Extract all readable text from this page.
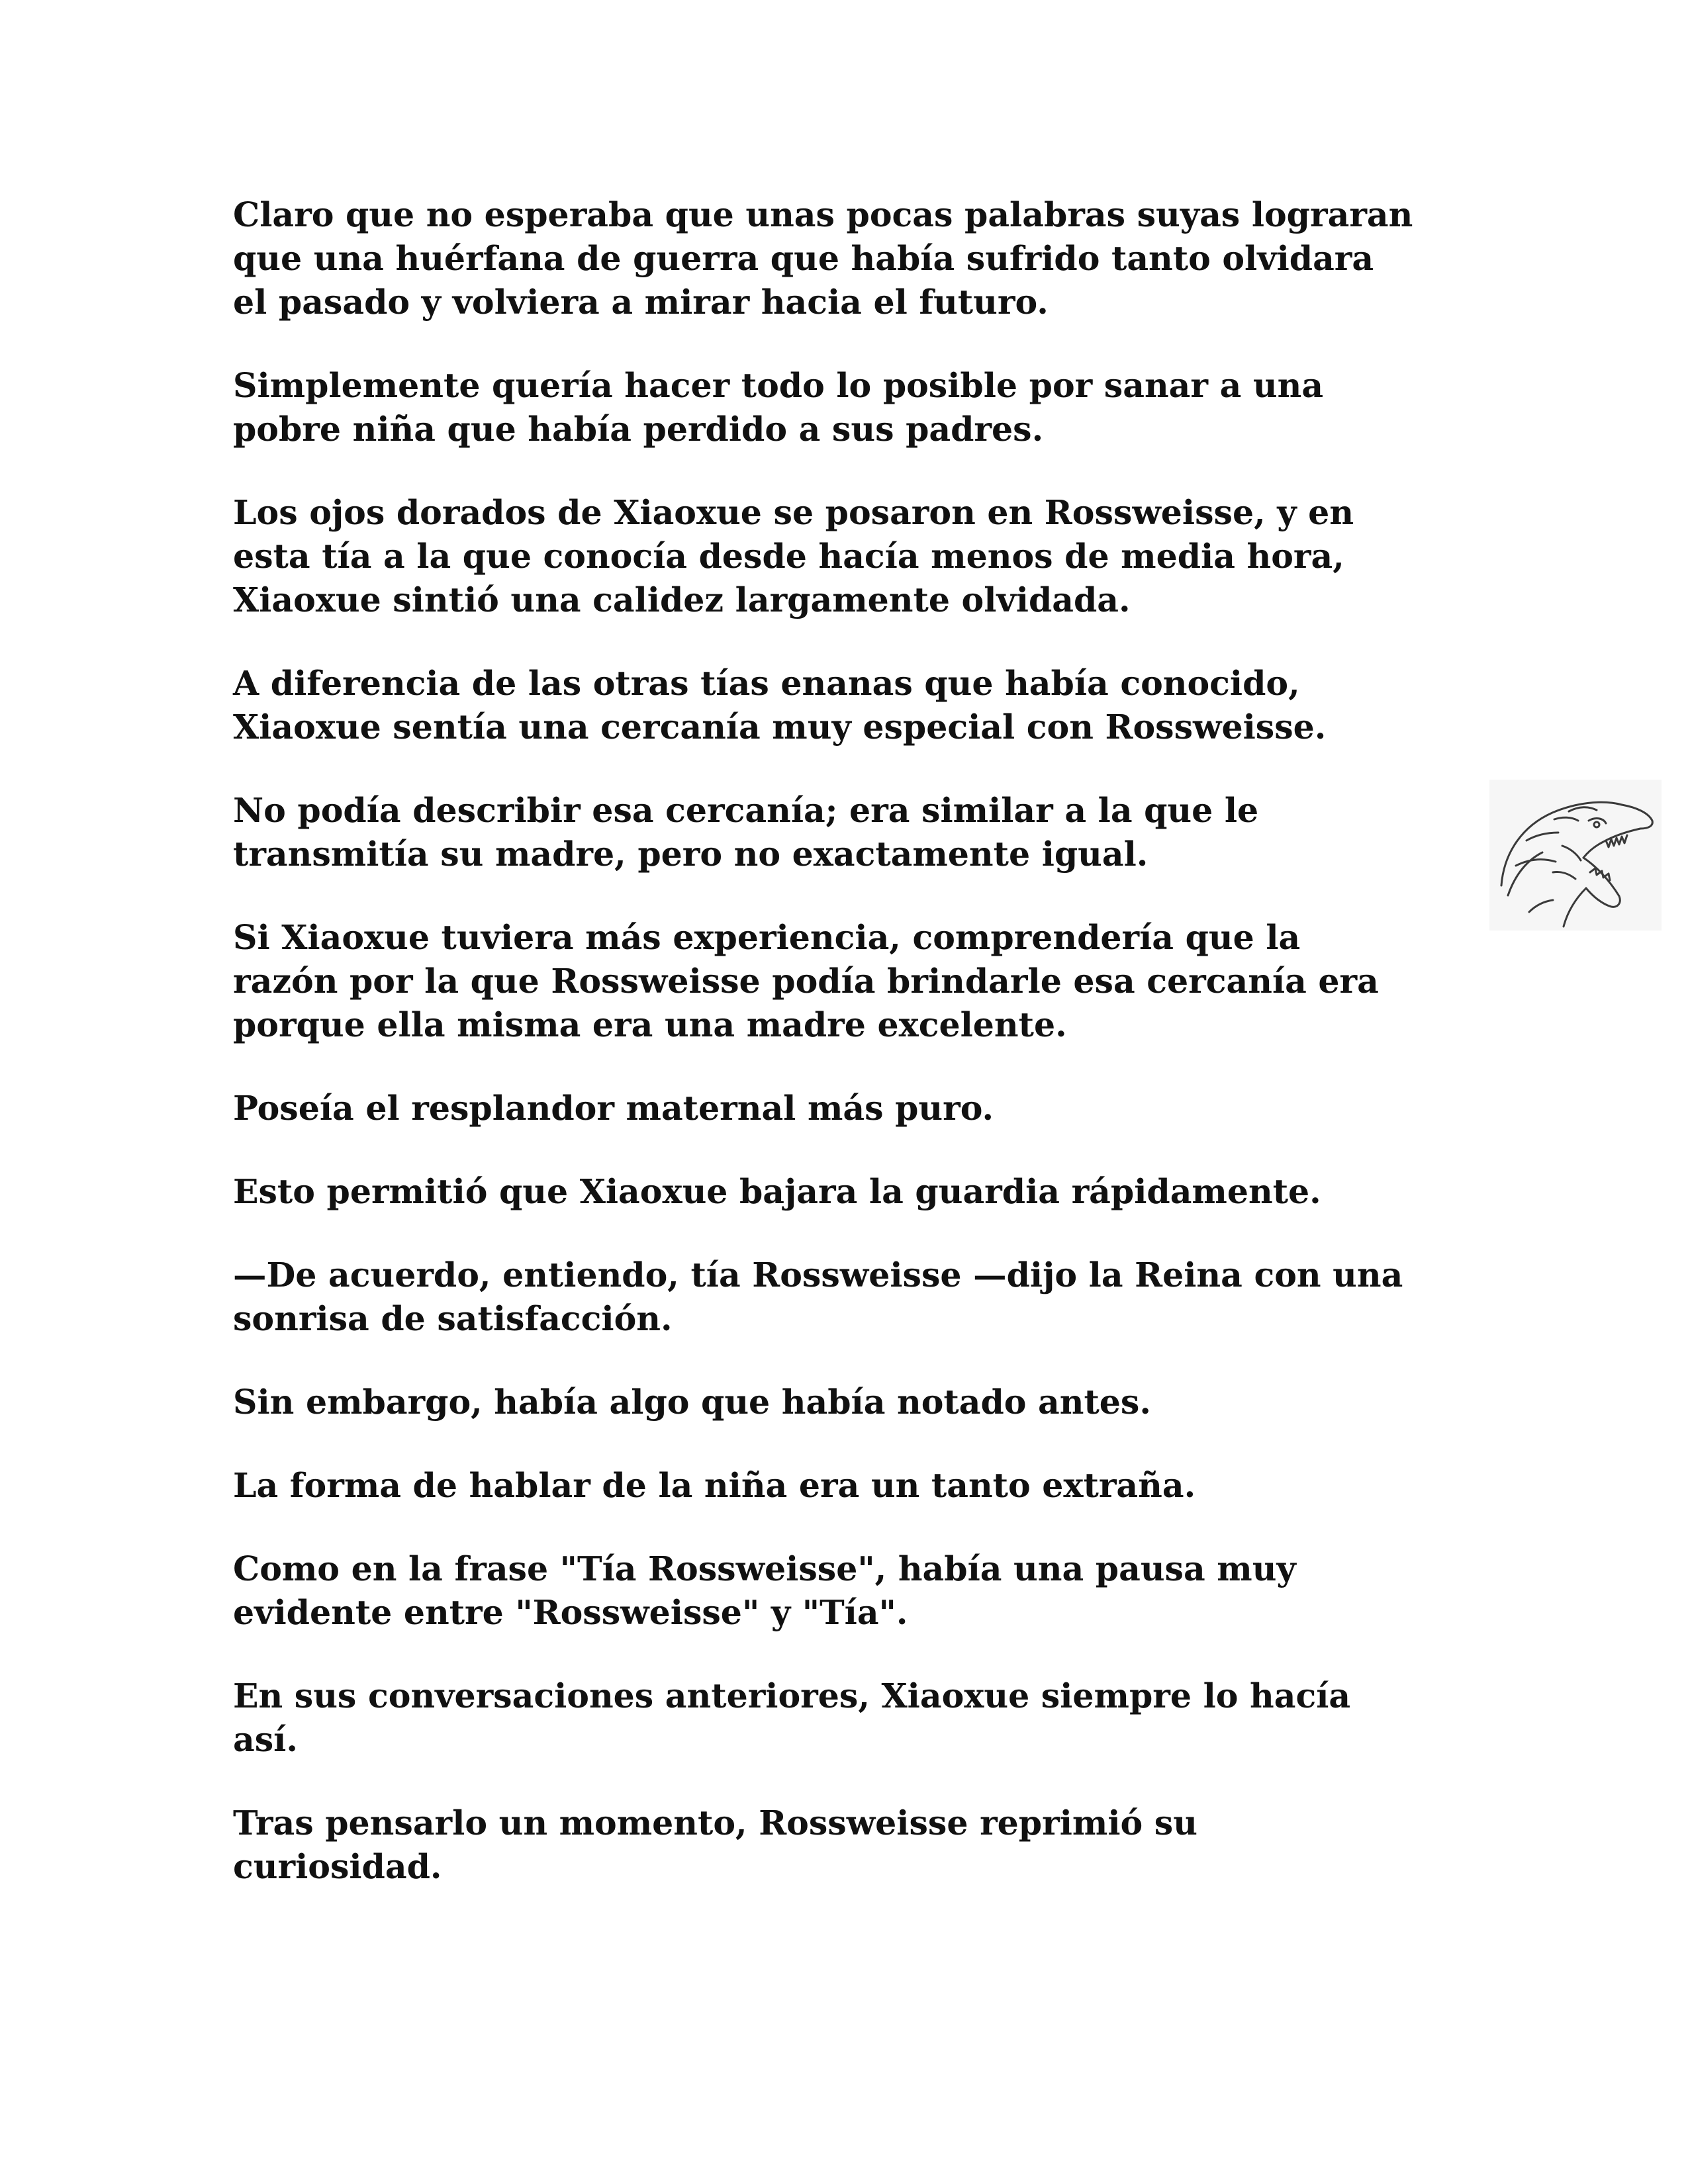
Claro que no esperaba que unas pocas palabras suyas lograran
que una huérfana de guerra que había sufrido tanto olvidara
el pasado y volviera a mirar hacia el futuro.

Simplemente quería hacer todo lo posible por sanar a una
pobre niña que había perdido a sus padres.

Los ojos dorados de Xiaoxue se posaron en Rossweisse, y en
esta tía a la que conocía desde hacía menos de media hora,
Xiaoxue sintió una calidez largamente olvidada.

A diferencia de las otras tías enanas que había conocido,
Xiaoxue sentía una cercanía muy especial con Rossweisse.

No podía describir esa cercanía; era similar a la que le
transmitía su madre, pero no exactamente igual.

Si Xiaoxue tuviera más experiencia, comprendería que la
razón por la que Rossweisse podía brindarle esa cercanía era
porque ella misma era una madre excelente.

Poseía el resplandor maternal más puro.

Esto permitió que Xiaoxue bajara la guardia rápidamente.

—De acuerdo, entiendo, tía Rossweisse —dijo la Reina con una
sonrisa de satisfacción.

Sin embargo, había algo que había notado antes.

La forma de hablar de la niña era un tanto extraña.

Como en la frase "Tía Rossweisse", había una pausa muy
evidente entre "Rossweisse" y "Tía".

En sus conversaciones anteriores, Xiaoxue siempre lo hacía
así.

Tras pensarlo un momento, Rossweisse reprimió su
curiosidad.
